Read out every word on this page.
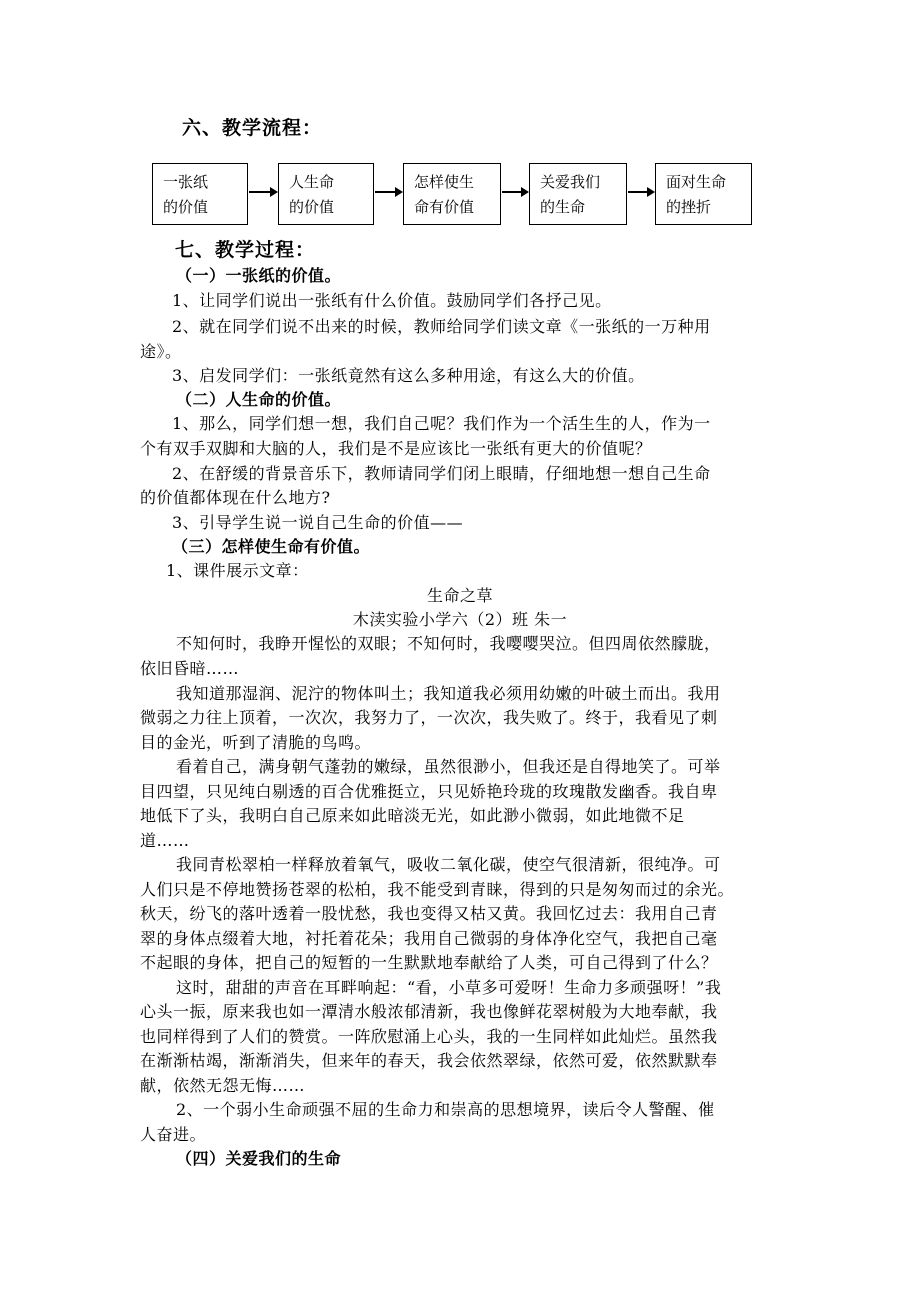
六、教学流程：
一张纸
的价值
人生命
的价值
怎样使生
命有价值
关爱我们
的生命
面对生命
的挫折
七、教学过程：
（一）一张纸的价值。
1、让同学们说出一张纸有什么价值。鼓励同学们各抒己见。
2、就在同学们说不出来的时候，教师给同学们读文章《一张纸的一万种用
途》。
3、启发同学们：一张纸竟然有这么多种用途，有这么大的价值。
（二）人生命的价值。
1、那么，同学们想一想，我们自己呢？我们作为一个活生生的人，作为一
个有双手双脚和大脑的人，我们是不是应该比一张纸有更大的价值呢？
2、在舒缓的背景音乐下，教师请同学们闭上眼睛，仔细地想一想自己生命
的价值都体现在什么地方?
3、引导学生说一说自己生命的价值——
（三）怎样使生命有价值。
1、课件展示文章：
生命之草
木渎实验小学六（2）班 朱一
不知何时，我睁开惺忪的双眼；不知何时，我嘤嘤哭泣。但四周依然朦胧，
依旧昏暗……
我知道那湿润、泥泞的物体叫土；我知道我必须用幼嫩的叶破土而出。我用
微弱之力往上顶着，一次次，我努力了，一次次，我失败了。终于，我看见了刺
目的金光，听到了清脆的鸟鸣。
看着自己，满身朝气蓬勃的嫩绿，虽然很渺小，但我还是自得地笑了。可举
目四望，只见纯白剔透的百合优雅挺立，只见娇艳玲珑的玫瑰散发幽香。我自卑
地低下了头，我明白自己原来如此暗淡无光，如此渺小微弱，如此地微不足
道……
我同青松翠柏一样释放着氧气，吸收二氧化碳，使空气很清新，很纯净。可
人们只是不停地赞扬苍翠的松柏，我不能受到青睐，得到的只是匆匆而过的余光。
秋天，纷飞的落叶透着一股忧愁，我也变得又枯又黄。我回忆过去：我用自己青
翠的身体点缀着大地，衬托着花朵；我用自己微弱的身体净化空气，我把自己毫
不起眼的身体，把自己的短暂的一生默默地奉献给了人类，可自己得到了什么？
这时，甜甜的声音在耳畔响起：“看，小草多可爱呀！生命力多顽强呀！”我
心头一振，原来我也如一潭清水般浓郁清新，我也像鲜花翠树般为大地奉献，我
也同样得到了人们的赞赏。一阵欣慰涌上心头，我的一生同样如此灿烂。虽然我
在渐渐枯竭，渐渐消失，但来年的春天，我会依然翠绿，依然可爱，依然默默奉
献，依然无怨无悔……
2、一个弱小生命顽强不屈的生命力和崇高的思想境界，读后令人警醒、催
人奋进。
（四）关爱我们的生命
